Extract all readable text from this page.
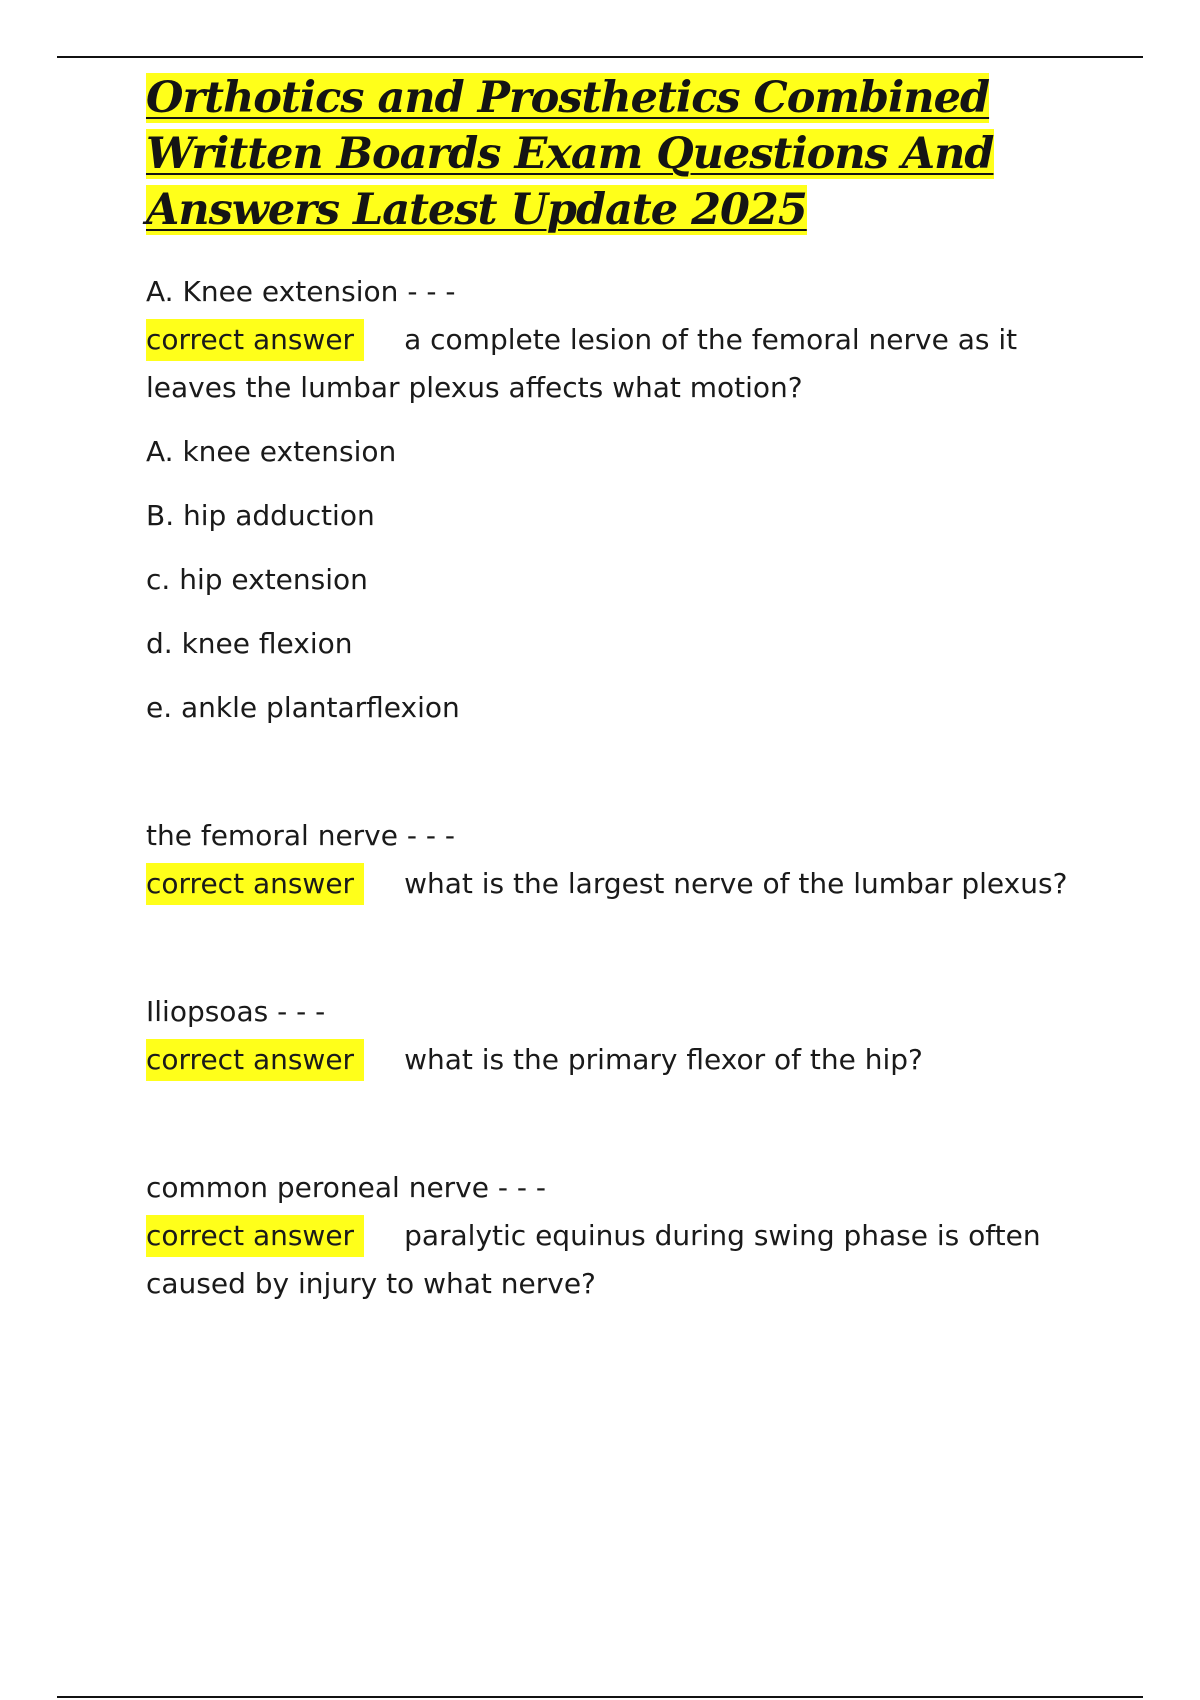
Orthotics and Prosthetics Combined Written Boards Exam Questions And Answers Latest Update 2025

A. Knee extension - - -

correct answer a complete lesion of the femoral nerve as it leaves the lumbar plexus affects what motion?

A. knee extension

B. hip adduction

c. hip extension

d. knee flexion

e. ankle plantarflexion

the femoral nerve - - -

correct answer what is the largest nerve of the lumbar plexus?

Iliopsoas - - -

correct answer what is the primary flexor of the hip?

common peroneal nerve - - -

correct answer paralytic equinus during swing phase is often caused by injury to what nerve?
